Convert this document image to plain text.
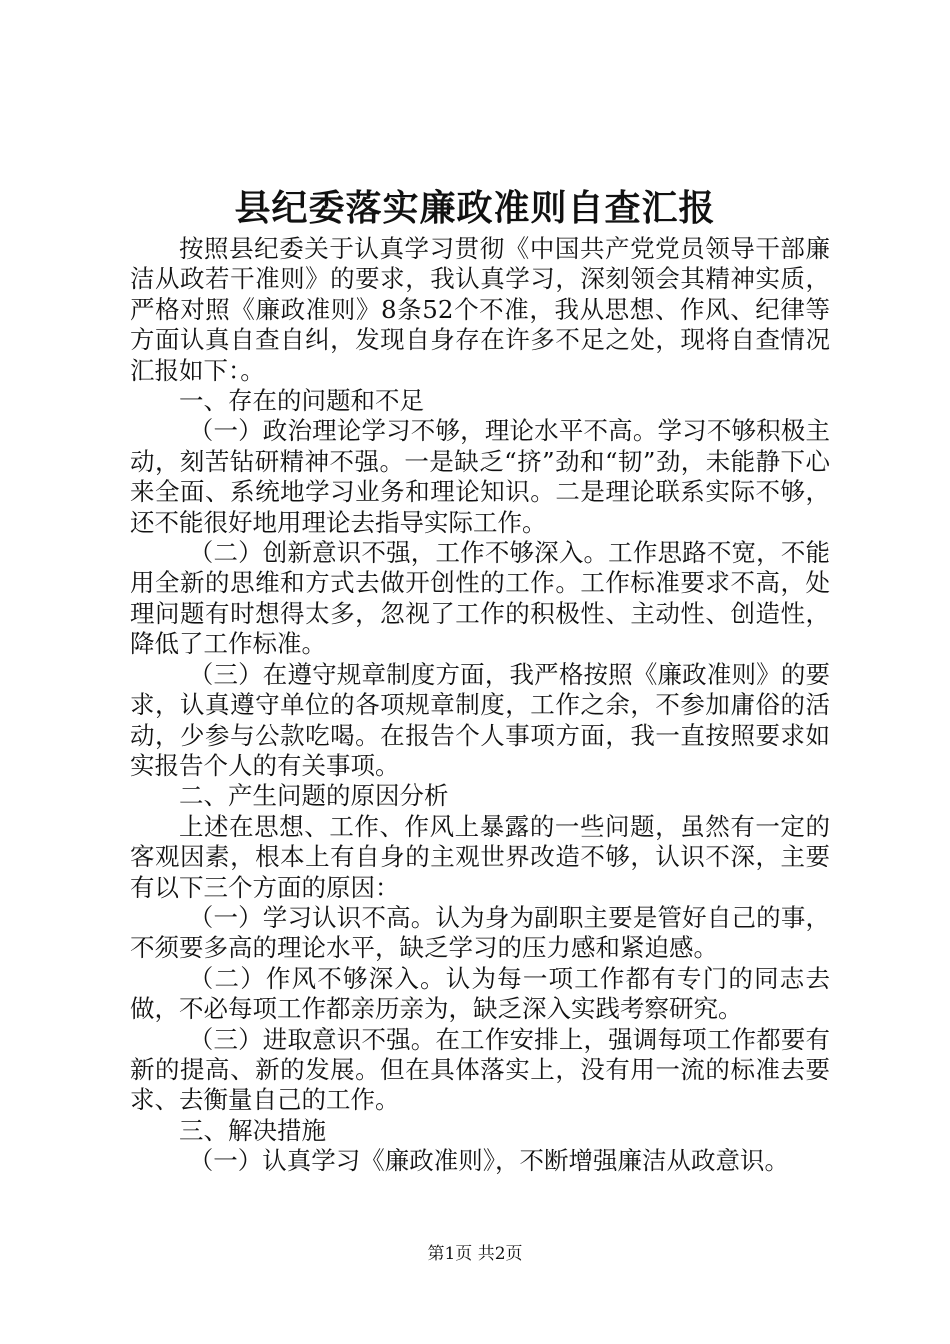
县纪委落实廉政准则自查汇报

按照县纪委关于认真学习贯彻《中国共产党党员领导干部廉洁从政若干准则》的要求，我认真学习，深刻领会其精神实质，严格对照《廉政准则》8条52个不准，我从思想、作风、纪律等方面认真自查自纠，发现自身存在许多不足之处，现将自查情况汇报如下：。

一、存在的问题和不足

（一）政治理论学习不够，理论水平不高。学习不够积极主动，刻苦钻研精神不强。一是缺乏“挤”劲和“韧”劲，未能静下心来全面、系统地学习业务和理论知识。二是理论联系实际不够，还不能很好地用理论去指导实际工作。

（二）创新意识不强，工作不够深入。工作思路不宽，不能用全新的思维和方式去做开创性的工作。工作标准要求不高，处理问题有时想得太多，忽视了工作的积极性、主动性、创造性，降低了工作标准。

（三）在遵守规章制度方面，我严格按照《廉政准则》的要求，认真遵守单位的各项规章制度，工作之余，不参加庸俗的活动，少参与公款吃喝。在报告个人事项方面，我一直按照要求如实报告个人的有关事项。

二、产生问题的原因分析

上述在思想、工作、作风上暴露的一些问题，虽然有一定的客观因素，根本上有自身的主观世界改造不够，认识不深，主要有以下三个方面的原因：

（一）学习认识不高。认为身为副职主要是管好自己的事，不须要多高的理论水平，缺乏学习的压力感和紧迫感。

（二）作风不够深入。认为每一项工作都有专门的同志去做，不必每项工作都亲历亲为，缺乏深入实践考察研究。

（三）进取意识不强。在工作安排上，强调每项工作都要有新的提高、新的发展。但在具体落实上，没有用一流的标准去要求、去衡量自己的工作。

三、解决措施

（一）认真学习《廉政准则》，不断增强廉洁从政意识。

第1页 共2页
